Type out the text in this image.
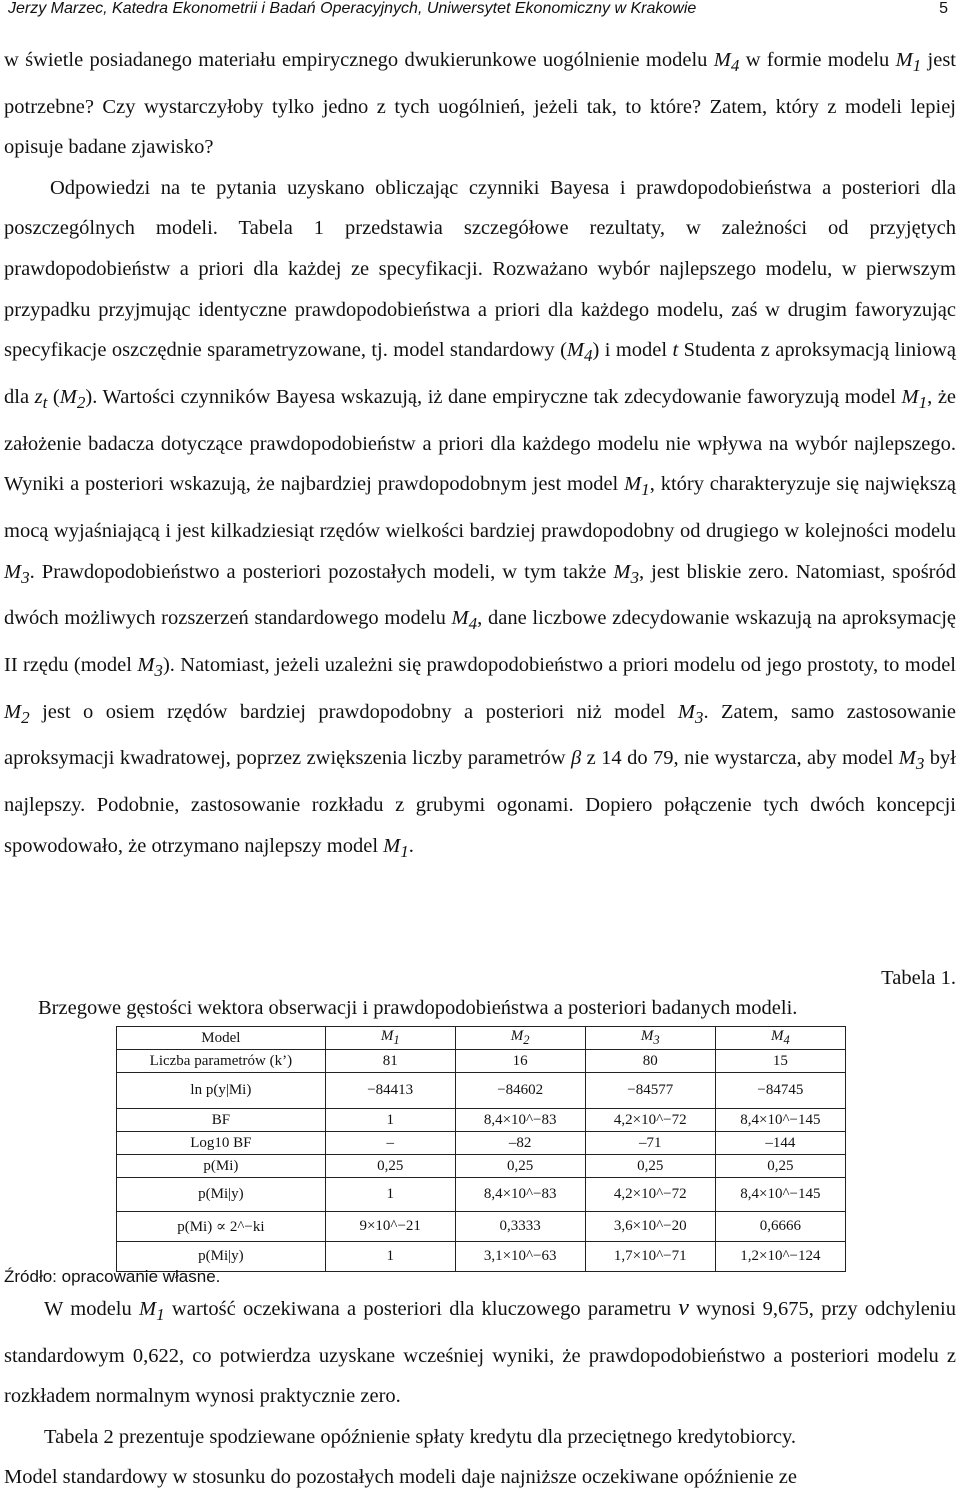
Jerzy Marzec, Katedra Ekonometrii i Badań Operacyjnych, Uniwersytet Ekonomiczny w Krakowie	5

w świetle posiadanego materiału empirycznego dwukierunkowe uogólnienie modelu $M_4$ w formie modelu $M_1$ jest potrzebne? Czy wystarczyłoby tylko jedno z tych uogólnień, jeżeli tak, to które? Zatem, który z modeli lepiej opisuje badane zjawisko?

Odpowiedzi na te pytania uzyskano obliczając czynniki Bayesa i prawdopodobieństwa a posteriori dla poszczególnych modeli. Tabela 1 przedstawia szczegółowe rezultaty, w zależności od przyjętych prawdopodobieństw a priori dla każdej ze specyfikacji. Rozważano wybór najlepszego modelu, w pierwszym przypadku przyjmując identyczne prawdopodobieństwa a priori dla każdego modelu, zaś w drugim faworyzując specyfikacje oszczędnie sparametryzowane, tj. model standardowy $(M_4)$ i model t Studenta z aproksymacją liniową dla $z_t$ $(M_2)$. Wartości czynników Bayesa wskazują, iż dane empiryczne tak zdecydowanie faworyzują model $M_1$, że założenie badacza dotyczące prawdopodobieństw a priori dla każdego modelu nie wpływa na wybór najlepszego. Wyniki a posteriori wskazują, że najbardziej prawdopodobnym jest model $M_1$, który charakteryzuje się największą mocą wyjaśniającą i jest kilkadziesiąt rzędów wielkości bardziej prawdopodobny od drugiego w kolejności modelu $M_3$. Prawdopodobieństwo a posteriori pozostałych modeli, w tym także $M_3$, jest bliskie zero. Natomiast, spośród dwóch możliwych rozszerzeń standardowego modelu $M_4$, dane liczbowe zdecydowanie wskazują na aproksymację II rzędu (model $M_3$). Natomiast, jeżeli uzależni się prawdopodobieństwo a priori modelu od jego prostoty, to model $M_2$ jest o osiem rzędów bardziej prawdopodobny a posteriori niż model $M_3$. Zatem, samo zastosowanie aproksymacji kwadratowej, poprzez zwiększenia liczby parametrów β z 14 do 79, nie wystarcza, aby model $M_3$ był najlepszy. Podobnie, zastosowanie rozkładu z grubymi ogonami. Dopiero połączenie tych dwóch koncepcji spowodowało, że otrzymano najlepszy model $M_1$.

Tabela 1.
Brzegowe gęstości wektora obserwacji i prawdopodobieństwa a posteriori badanych modeli.
Model	$M_1$	$M_2$	$M_3$	$M_4$
Liczba parametrów (k’)	81	16	80	15
ln p(y|Mi)	−84413	−84602	−84577	−84745
BF	1	8,4×10^−83	4,2×10^−72	8,4×10^−145
Log10 BF	–	–82	–71	–144
p(Mi)	0,25	0,25	0,25	0,25
p(Mi|y)	1	8,4×10^−83	4,2×10^−72	8,4×10^−145
p(Mi) ∝ 2^−ki	9×10^−21	0,3333	3,6×10^−20	0,6666
p(Mi|y)	1	3,1×10^−63	1,7×10^−71	1,2×10^−124
Źródło: opracowanie własne.

W modelu $M_1$ wartość oczekiwana a posteriori dla kluczowego parametru ν wynosi 9,675, przy odchyleniu standardowym 0,622, co potwierdza uzyskane wcześniej wyniki, że prawdopodobieństwo a posteriori modelu z rozkładem normalnym wynosi praktycznie zero.

Tabela 2 prezentuje spodziewane opóźnienie spłaty kredytu dla przeciętnego kredytobiorcy.

Model standardowy w stosunku do pozostałych modeli daje najniższe oczekiwane opóźnienie ze
